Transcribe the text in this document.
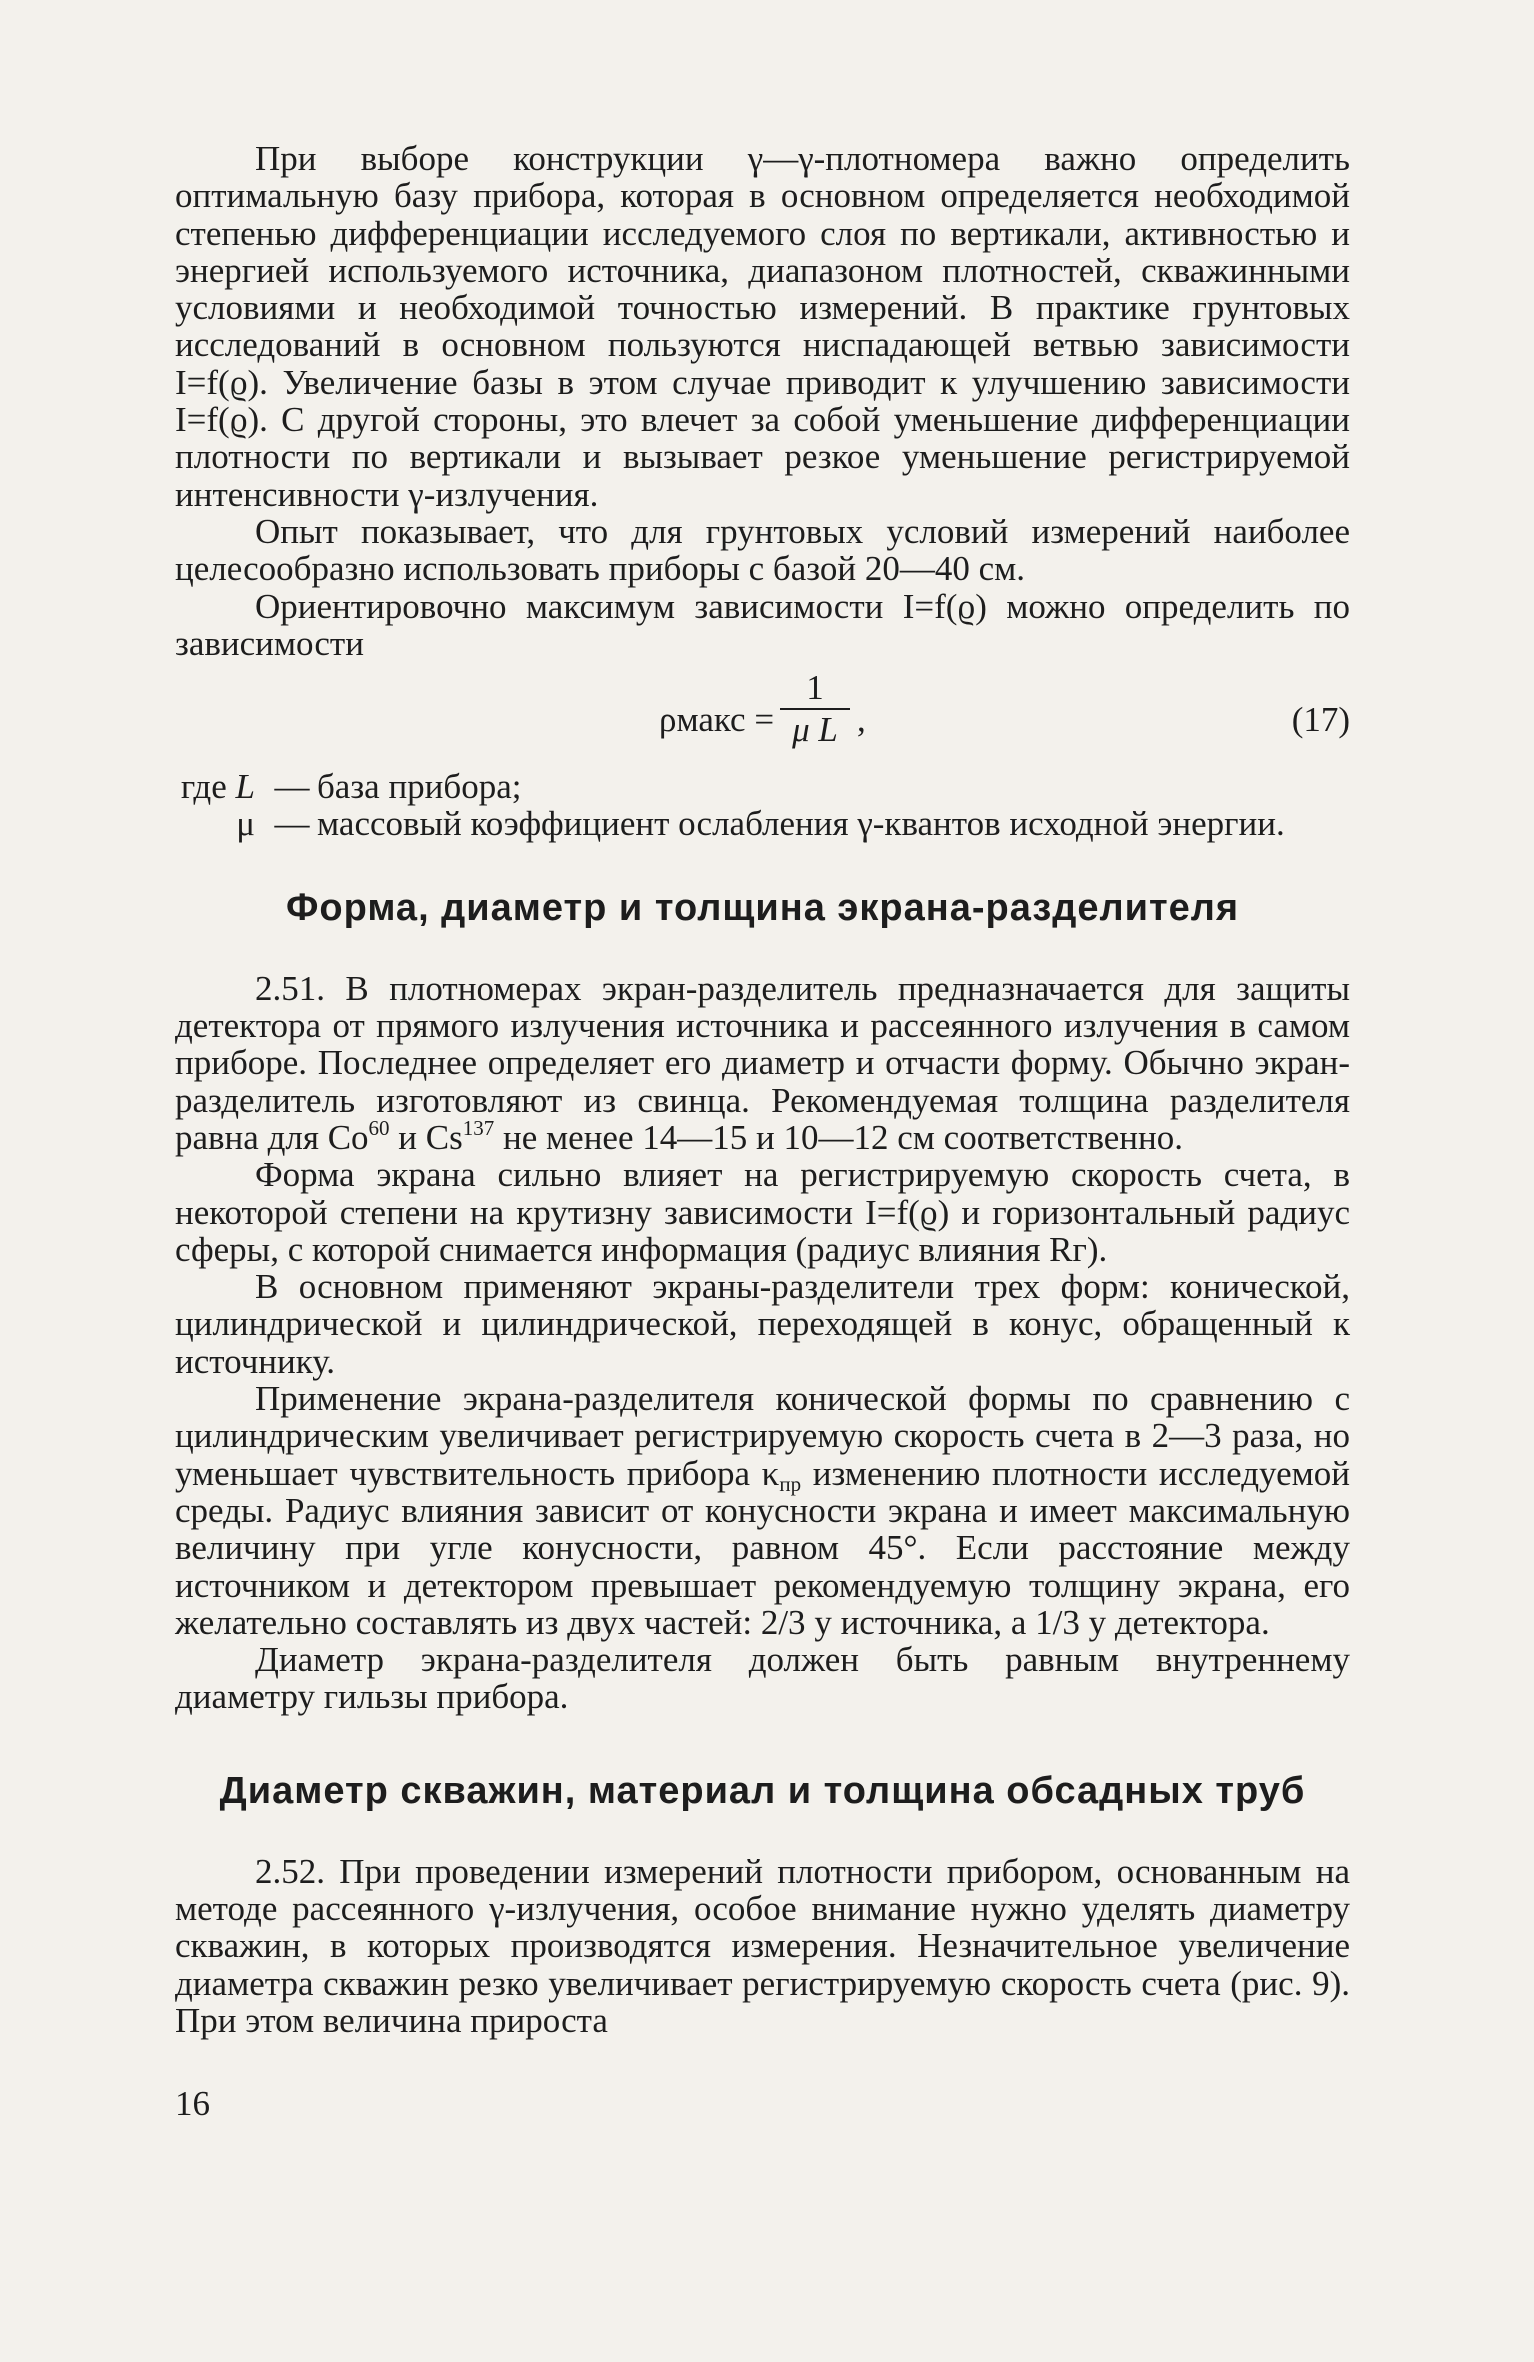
При выборе конструкции γ—γ-плотномера важно определить оптимальную базу прибора, которая в основном определяется необходимой степенью дифференциации исследуемого слоя по вертикали, активностью и энергией используемого источника, диапазоном плотностей, скважинными условиями и необходимой точностью измерений. В практике грунтовых исследований в основном пользуются ниспадающей ветвью зависимости I=f(ϱ). Увеличение базы в этом случае приводит к улучшению зависимости I=f(ϱ). С другой стороны, это влечет за собой уменьшение дифференциации плотности по вертикали и вызывает резкое уменьшение регистрируемой интенсивности γ-излучения.

Опыт показывает, что для грунтовых условий измерений наиболее целесообразно использовать приборы с базой 20—40 см.

Ориентировочно максимум зависимости I=f(ϱ) можно определить по зависимости

ρмакс =
1
μ L ,	(17)
где L — база прибора;
μ — массовый коэффициент ослабления γ-квантов исходной энергии.
Форма, диаметр и толщина экрана-разделителя

2.51. В плотномерах экран-разделитель предназначается для защиты детектора от прямого излучения источника и рассеянного излучения в самом приборе. Последнее определяет его диаметр и отчасти форму. Обычно экран-разделитель изготовляют из свинца. Рекомендуемая толщина разделителя равна для Co$^{60}$ и Cs$^{137}$ не менее 14—15 и 10—12 см соответственно.

Форма экрана сильно влияет на регистрируемую скорость счета, в некоторой степени на крутизну зависимости I=f(ϱ) и горизонтальный радиус сферы, с которой снимается информация (радиус влияния Rг).

В основном применяют экраны-разделители трех форм: конической, цилиндрической и цилиндрической, переходящей в конус, обращенный к источнику.

Применение экрана-разделителя конической формы по сравнению с цилиндрическим увеличивает регистрируемую скорость счета в 2—3 раза, но уменьшает чувствительность прибора $\kappa_{пр}$ изменению плотности исследуемой среды. Радиус влияния зависит от конусности экрана и имеет максимальную величину при угле конусности, равном 45°. Если расстояние между источником и детектором превышает рекомендуемую толщину экрана, его желательно составлять из двух частей: 2/3 у источника, а 1/3 у детектора.

Диаметр экрана-разделителя должен быть равным внутреннему диаметру гильзы прибора.

Диаметр скважин, материал и толщина обсадных труб

2.52. При проведении измерений плотности прибором, основанным на методе рассеянного γ-излучения, особое внимание нужно уделять диаметру скважин, в которых производятся измерения. Незначительное увеличение диаметра скважин резко увеличивает регистрируемую скорость счета (рис. 9). При этом величина прироста

16
